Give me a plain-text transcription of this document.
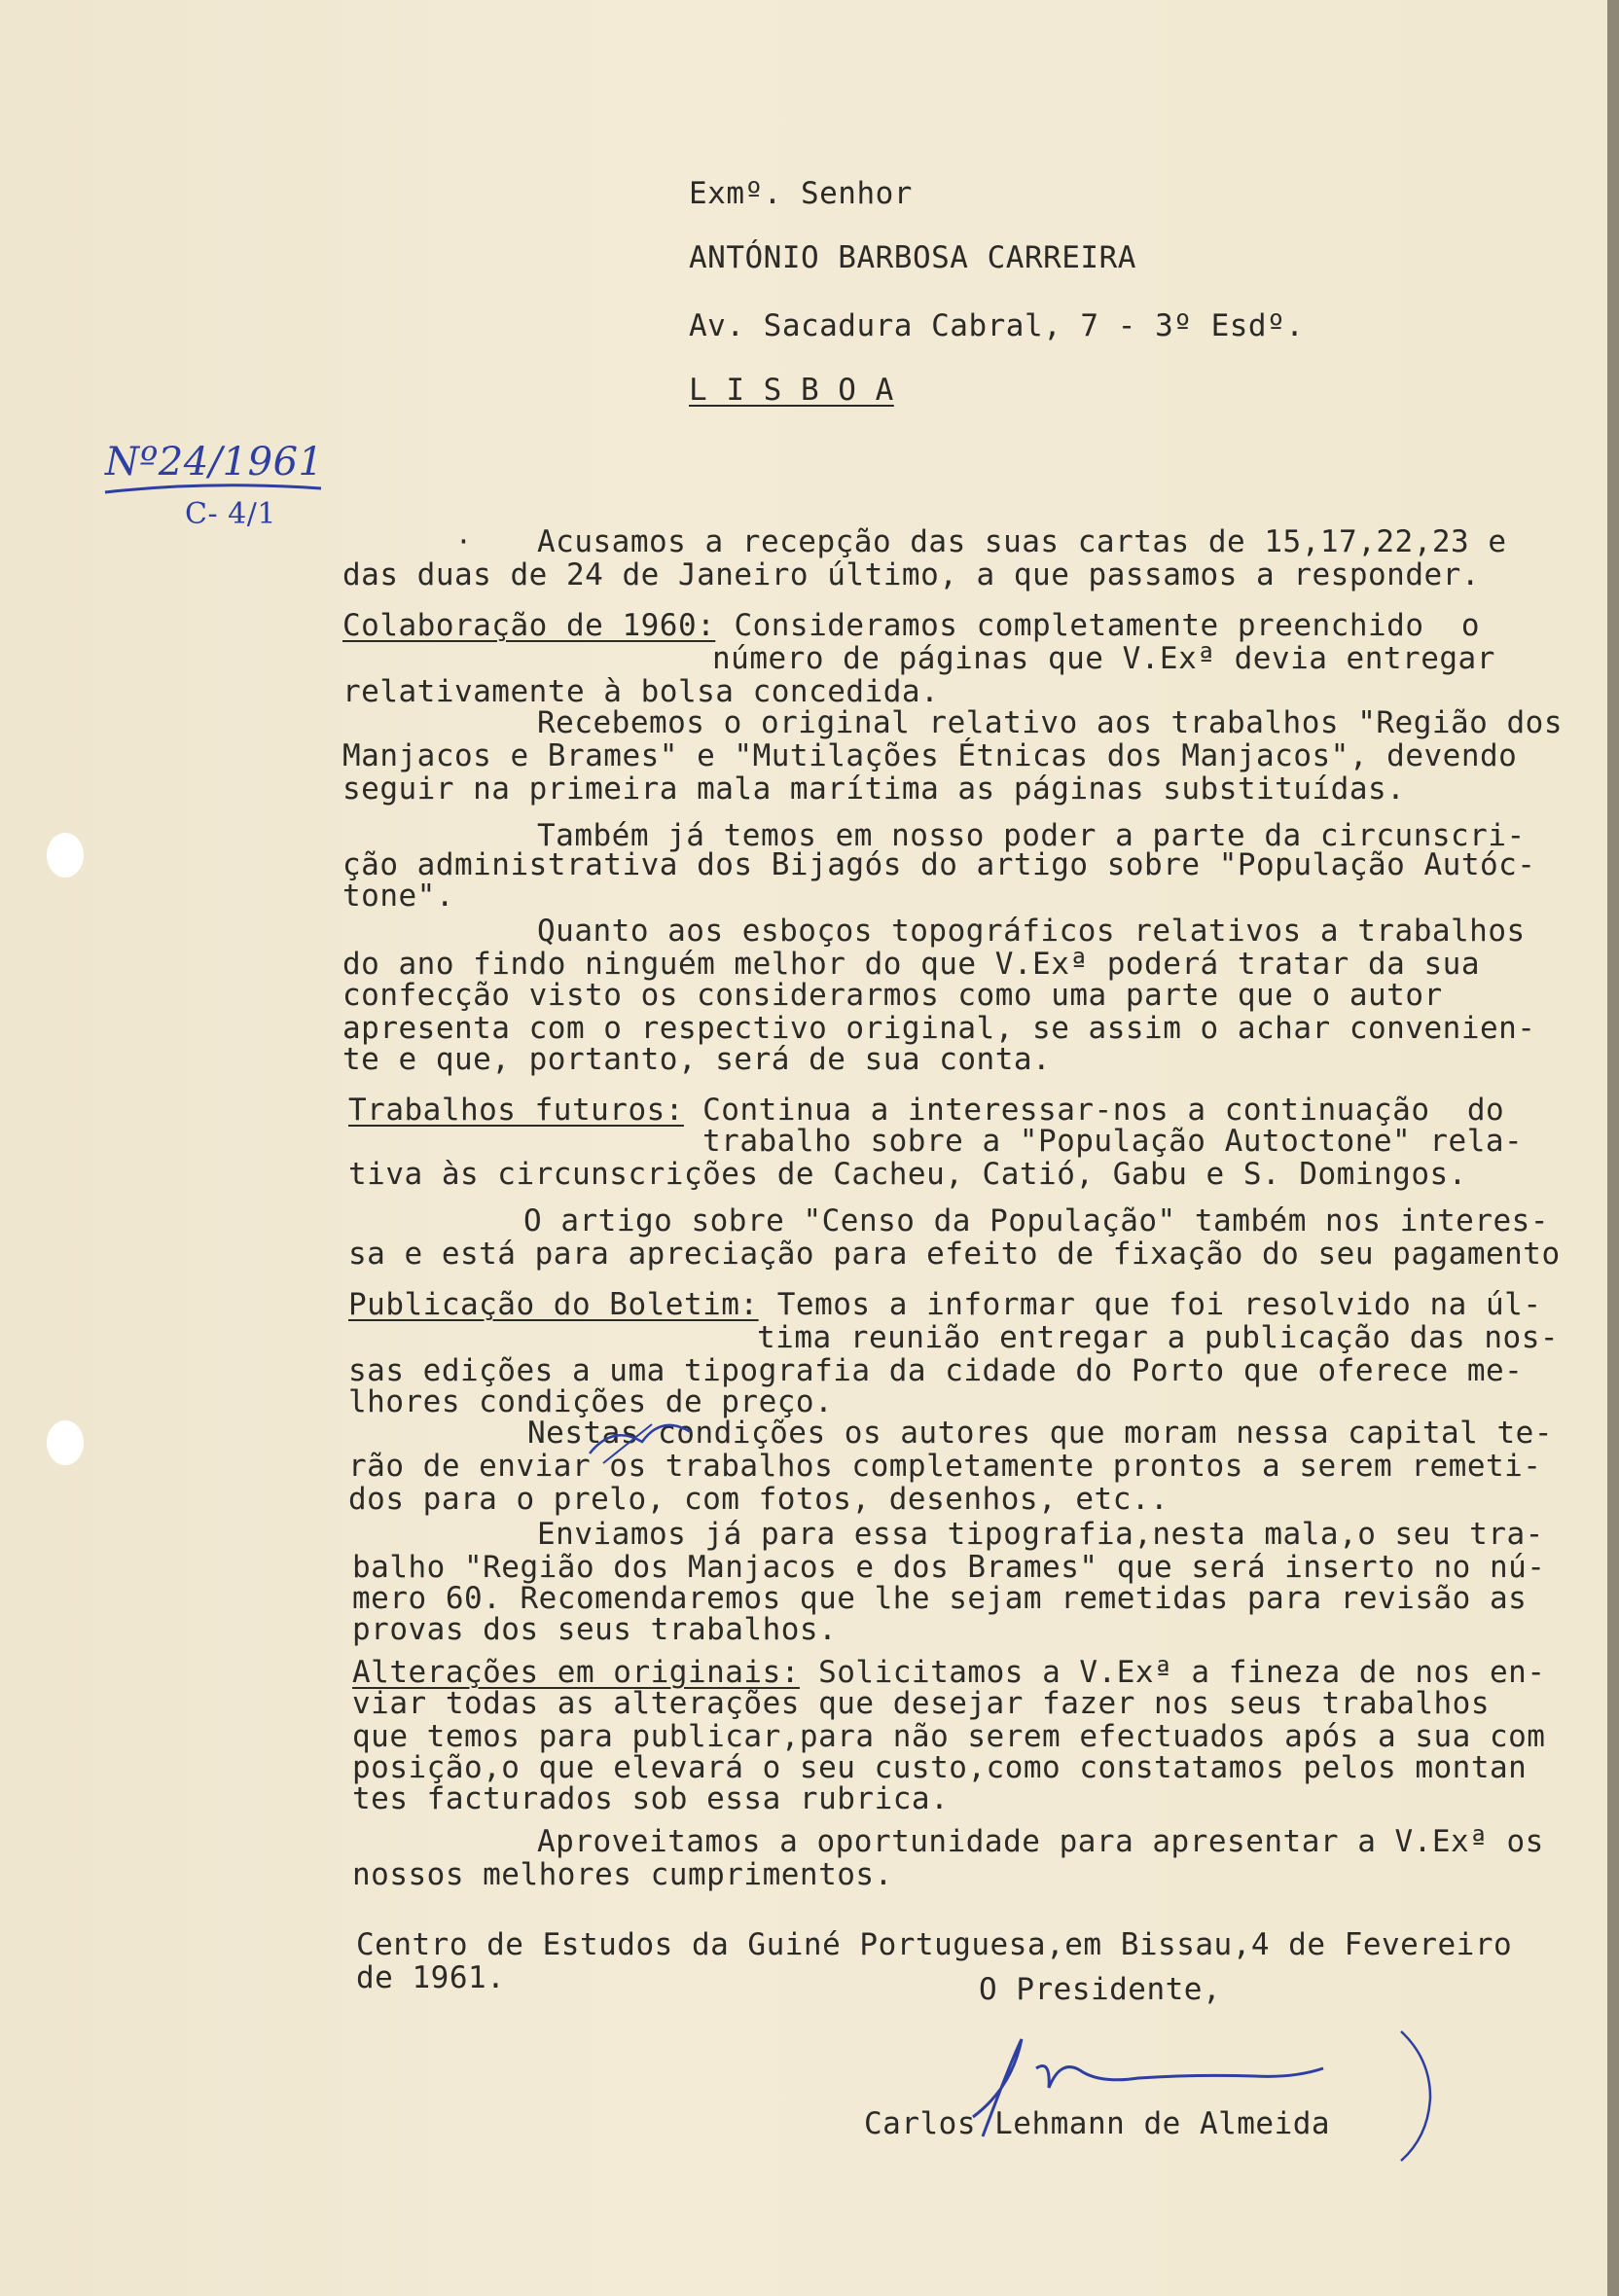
Exmº. Senhor
ANTÓNIO BARBOSA CARREIRA
Av. Sacadura Cabral, 7 - 3º Esdº.
L I S B O A
Nº24/1961
C- 4/1
· Acusamos a recepção das suas cartas de 15,17,22,23 e
das duas de 24 de Janeiro último, a que passamos a responder.
Colaboração de 1960: Consideramos completamente preenchido  o
número de páginas que V.Exª devia entregar
relativamente à bolsa concedida.
Recebemos o original relativo aos trabalhos "Região dos
Manjacos e Brames" e "Mutilações Étnicas dos Manjacos", devendo
seguir na primeira mala marítima as páginas substituídas.
Também já temos em nosso poder a parte da circunscri-
ção administrativa dos Bijagós do artigo sobre "População Autóc-
tone".
Quanto aos esboços topográficos relativos a trabalhos
do ano findo ninguém melhor do que V.Exª poderá tratar da sua
confecção visto os considerarmos como uma parte que o autor
apresenta com o respectivo original, se assim o achar convenien-
te e que, portanto, será de sua conta.
Trabalhos futuros: Continua a interessar-nos a continuação  do
trabalho sobre a "População Autoctone" rela-
tiva às circunscrições de Cacheu, Catió, Gabu e S. Domingos.
O artigo sobre "Censo da População" também nos interes-
sa e está para apreciação para efeito de fixação do seu pagamento
Publicação do Boletim: Temos a informar que foi resolvido na úl-
tima reunião entregar a publicação das nos-
sas edições a uma tipografia da cidade do Porto que oferece me-
lhores condições de preço.
Nestas condições os autores que moram nessa capital te-
rão de enviar os trabalhos completamente prontos a serem remeti-
dos para o prelo, com fotos, desenhos, etc..
Enviamos já para essa tipografia,nesta mala,o seu tra-
balho "Região dos Manjacos e dos Brames" que será inserto no nú-
mero 60. Recomendaremos que lhe sejam remetidas para revisão as
provas dos seus trabalhos.
Alterações em originais: Solicitamos a V.Exª a fineza de nos en-
viar todas as alterações que desejar fazer nos seus trabalhos
que temos para publicar,para não serem efectuados após a sua com
posição,o que elevará o seu custo,como constatamos pelos montan
tes facturados sob essa rubrica.
Aproveitamos a oportunidade para apresentar a V.Exª os
nossos melhores cumprimentos.
Centro de Estudos da Guiné Portuguesa,em Bissau,4 de Fevereiro
de 1961.	O Presidente,
Carlos Lehmann de Almeida
